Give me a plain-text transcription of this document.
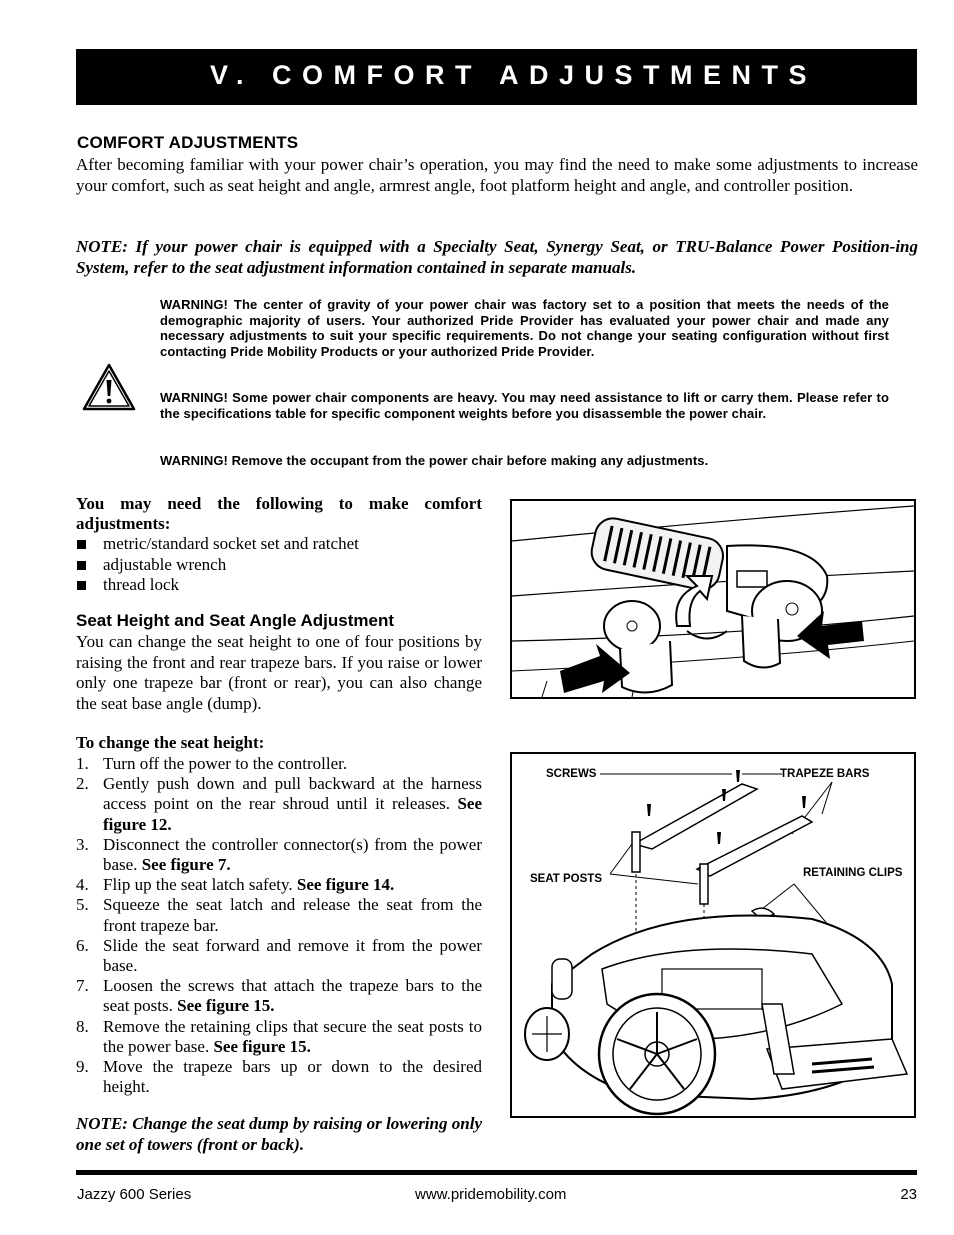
V. COMFORT ADJUSTMENTS
COMFORT ADJUSTMENTS

After becoming familiar with your power chair’s operation, you may find the need to make some adjustments to increase your comfort, such as seat height and angle, armrest angle, foot platform height and angle, and controller position.

NOTE: If your power chair is equipped with a Specialty Seat, Synergy Seat, or TRU-Balance Power Position-ing System, refer to the seat adjustment information contained in separate manuals.

WARNING! The center of gravity of your power chair was factory set to a position that meets the needs of the demographic majority of users. Your authorized Pride Provider has evaluated your power chair and made any necessary adjustments to suit your specific requirements. Do not change your seating configuration without first contacting Pride Mobility Products or your authorized Pride Provider.

WARNING! Some power chair components are heavy. You may need assistance to lift or carry them. Please refer to the specifications table for specific component weights before you disassemble the power chair.

WARNING! Remove the occupant from the power chair before making any adjustments.

You may need the following to make comfort adjustments:

metric/standard socket set and ratchet
adjustable wrench
thread lock
Seat Height and Seat Angle Adjustment

You can change the seat height to one of four positions by raising the front and rear trapeze bars. If you raise or lower only one trapeze bar (front or rear), you can also change the seat base angle (dump).

To change the seat height:
1. Turn off the power to the controller.
2. Gently push down and pull backward at the harness access point on the rear shroud until it releases. See figure 12.
3. Disconnect the controller connector(s) from the power base. See figure 7.
4. Flip up the seat latch safety. See figure 14.
5. Squeeze the seat latch and release the seat from the front trapeze bar.
6. Slide the seat forward and remove it from the power base.
7. Loosen the screws that attach the trapeze bars to the seat posts. See figure 15.
8. Remove the retaining clips that secure the seat posts to the power base. See figure 15.
9. Move the trapeze bars up or down to the desired height.

NOTE: Change the seat dump by raising or lowering only one set of towers (front or back).

SCREWS	TRAPEZE BARS
SEAT POSTS	RETAINING CLIPS
Jazzy 600 Series	www.pridemobility.com	23
